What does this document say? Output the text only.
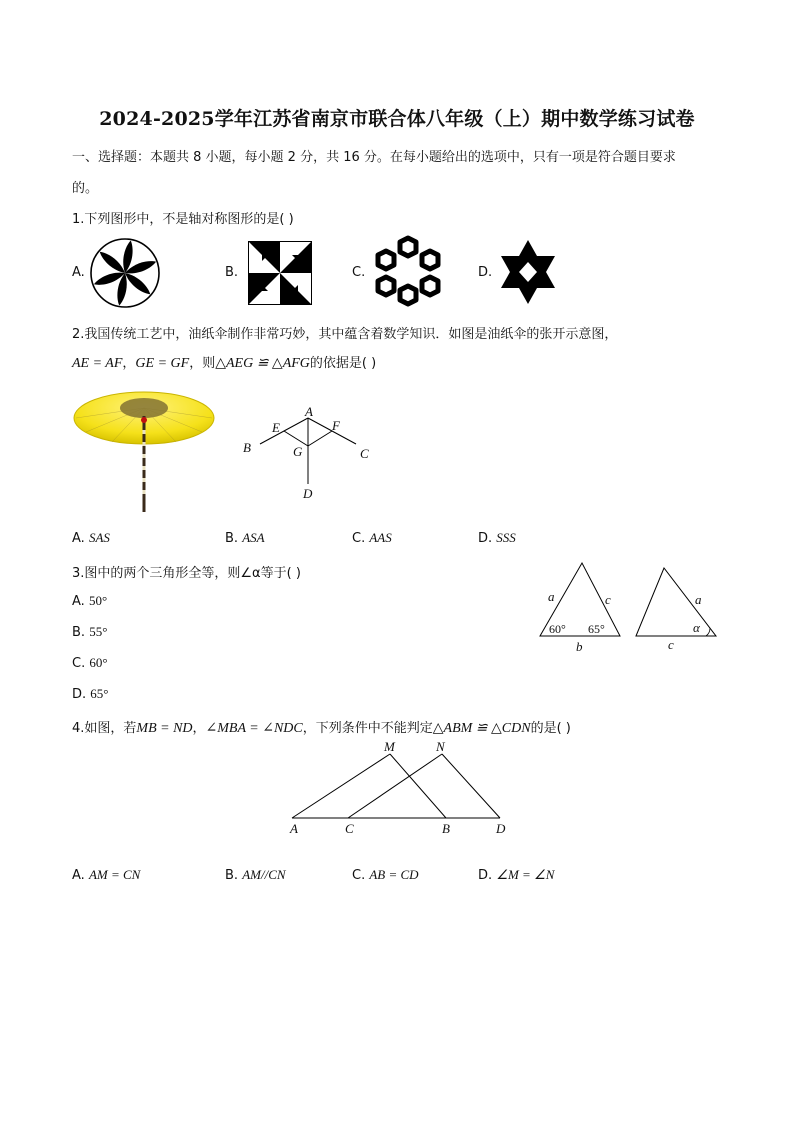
2024-2025学年江苏省南京市联合体八年级（上）期中数学练习试卷
一、选择题：本题共 8 小题，每小题 2 分，共 16 分。在每小题给出的选项中，只有一项是符合题目要求
的。
1.下列图形中，不是轴对称图形的是( )
A.	B.	C.	D.
2.我国传统工艺中，油纸伞制作非常巧妙，其中蕴含着数学知识．如图是油纸伞的张开示意图，
AE = AF，GE = GF，则△AEG ≌ △AFG的依据是( )
A
B	C
D
E	F
G
A. SAS	B. ASA	C. AAS	D. SSS
3.图中的两个三角形全等，则∠α等于( )
A. 50°
B. 55°
C. 60°
D. 65°
a	c
b
60° 65°
a
c
α
4.如图，若MB = ND，∠MBA = ∠NDC，下列条件中不能判定△ABM ≌ △CDN的是( )
M	N
A	C	B	D
A. AM = CN	B. AM//CN	C. AB = CD	D. ∠M = ∠N
